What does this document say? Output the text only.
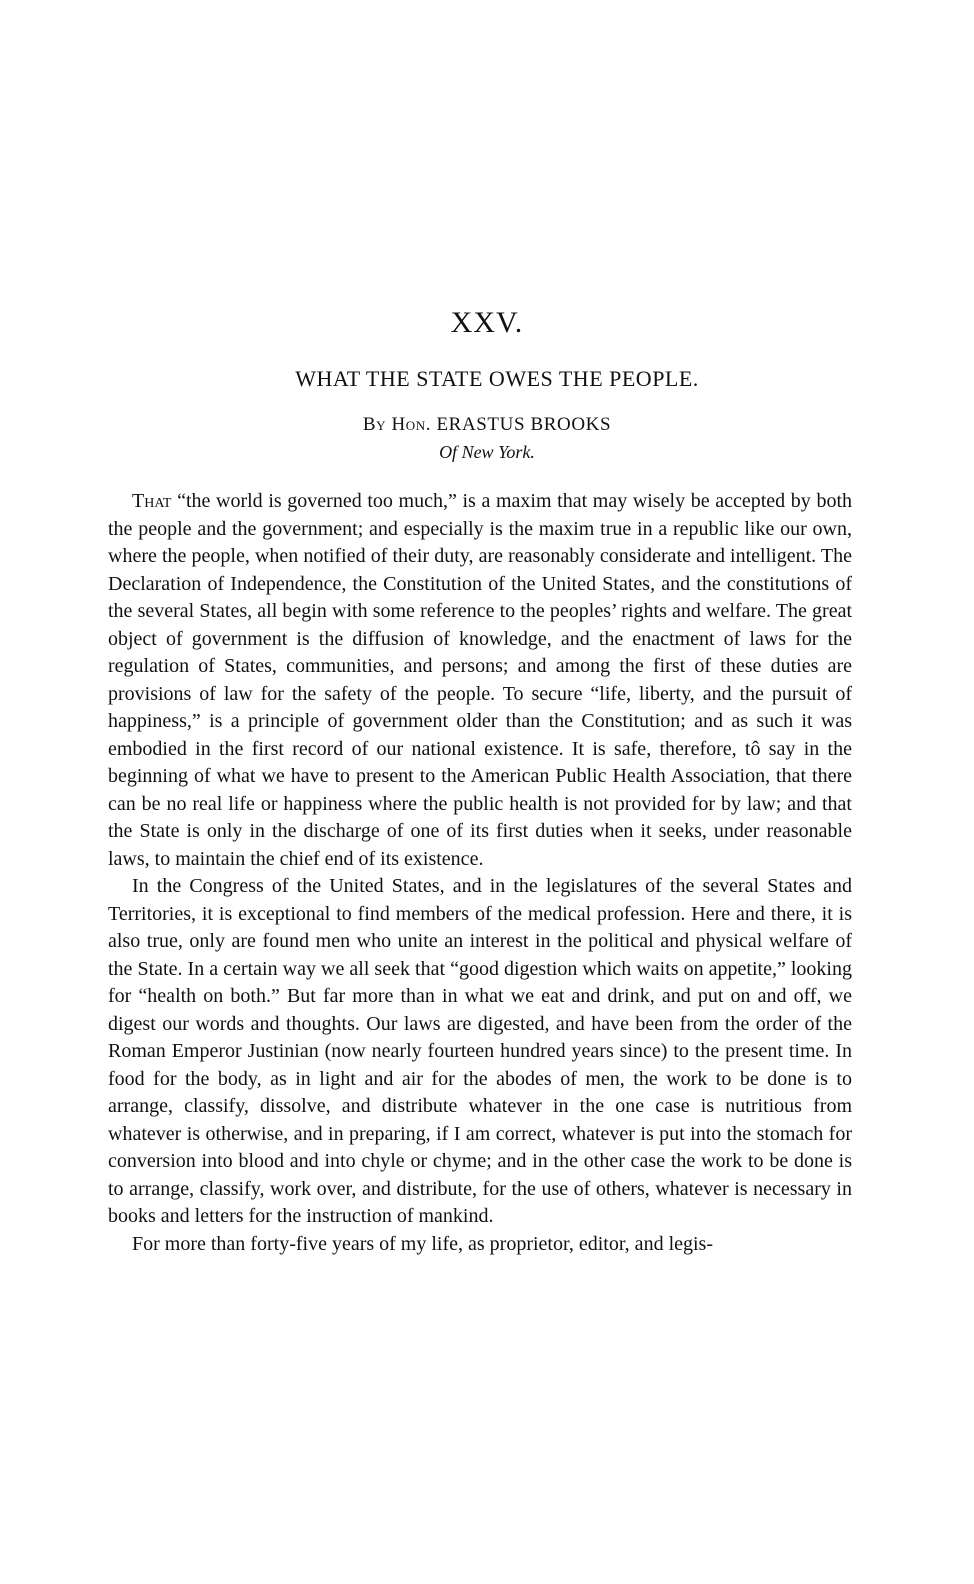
XXV.
WHAT THE STATE OWES THE PEOPLE.
By Hon. ERASTUS BROOKS
Of New York.

That “the world is governed too much,” is a maxim that may wisely be accepted by both the people and the government; and especially is the maxim true in a republic like our own, where the people, when notified of their duty, are reasonably considerate and intelligent. The Declaration of Independence, the Constitution of the United States, and the constitutions of the several States, all begin with some reference to the peoples’ rights and welfare. The great object of government is the diffusion of knowledge, and the enactment of laws for the regulation of States, communities, and persons; and among the first of these duties are provisions of law for the safety of the people. To secure “life, liberty, and the pursuit of happiness,” is a principle of government older than the Constitution; and as such it was embodied in the first record of our national existence. It is safe, therefore, tô say in the beginning of what we have to present to the American Public Health Association, that there can be no real life or happiness where the public health is not provided for by law; and that the State is only in the discharge of one of its first duties when it seeks, under reasonable laws, to maintain the chief end of its existence.

In the Congress of the United States, and in the legislatures of the several States and Territories, it is exceptional to find members of the medical profession. Here and there, it is also true, only are found men who unite an interest in the political and physical welfare of the State. In a certain way we all seek that “good digestion which waits on appetite,” looking for “health on both.” But far more than in what we eat and drink, and put on and off, we digest our words and thoughts. Our laws are digested, and have been from the order of the Roman Emperor Justinian (now nearly fourteen hundred years since) to the present time. In food for the body, as in light and air for the abodes of men, the work to be done is to arrange, classify, dissolve, and distribute whatever in the one case is nutritious from whatever is otherwise, and in preparing, if I am correct, whatever is put into the stomach for conversion into blood and into chyle or chyme; and in the other case the work to be done is to arrange, classify, work over, and distribute, for the use of others, whatever is necessary in books and letters for the instruction of mankind.

For more than forty-five years of my life, as proprietor, editor, and legis-
